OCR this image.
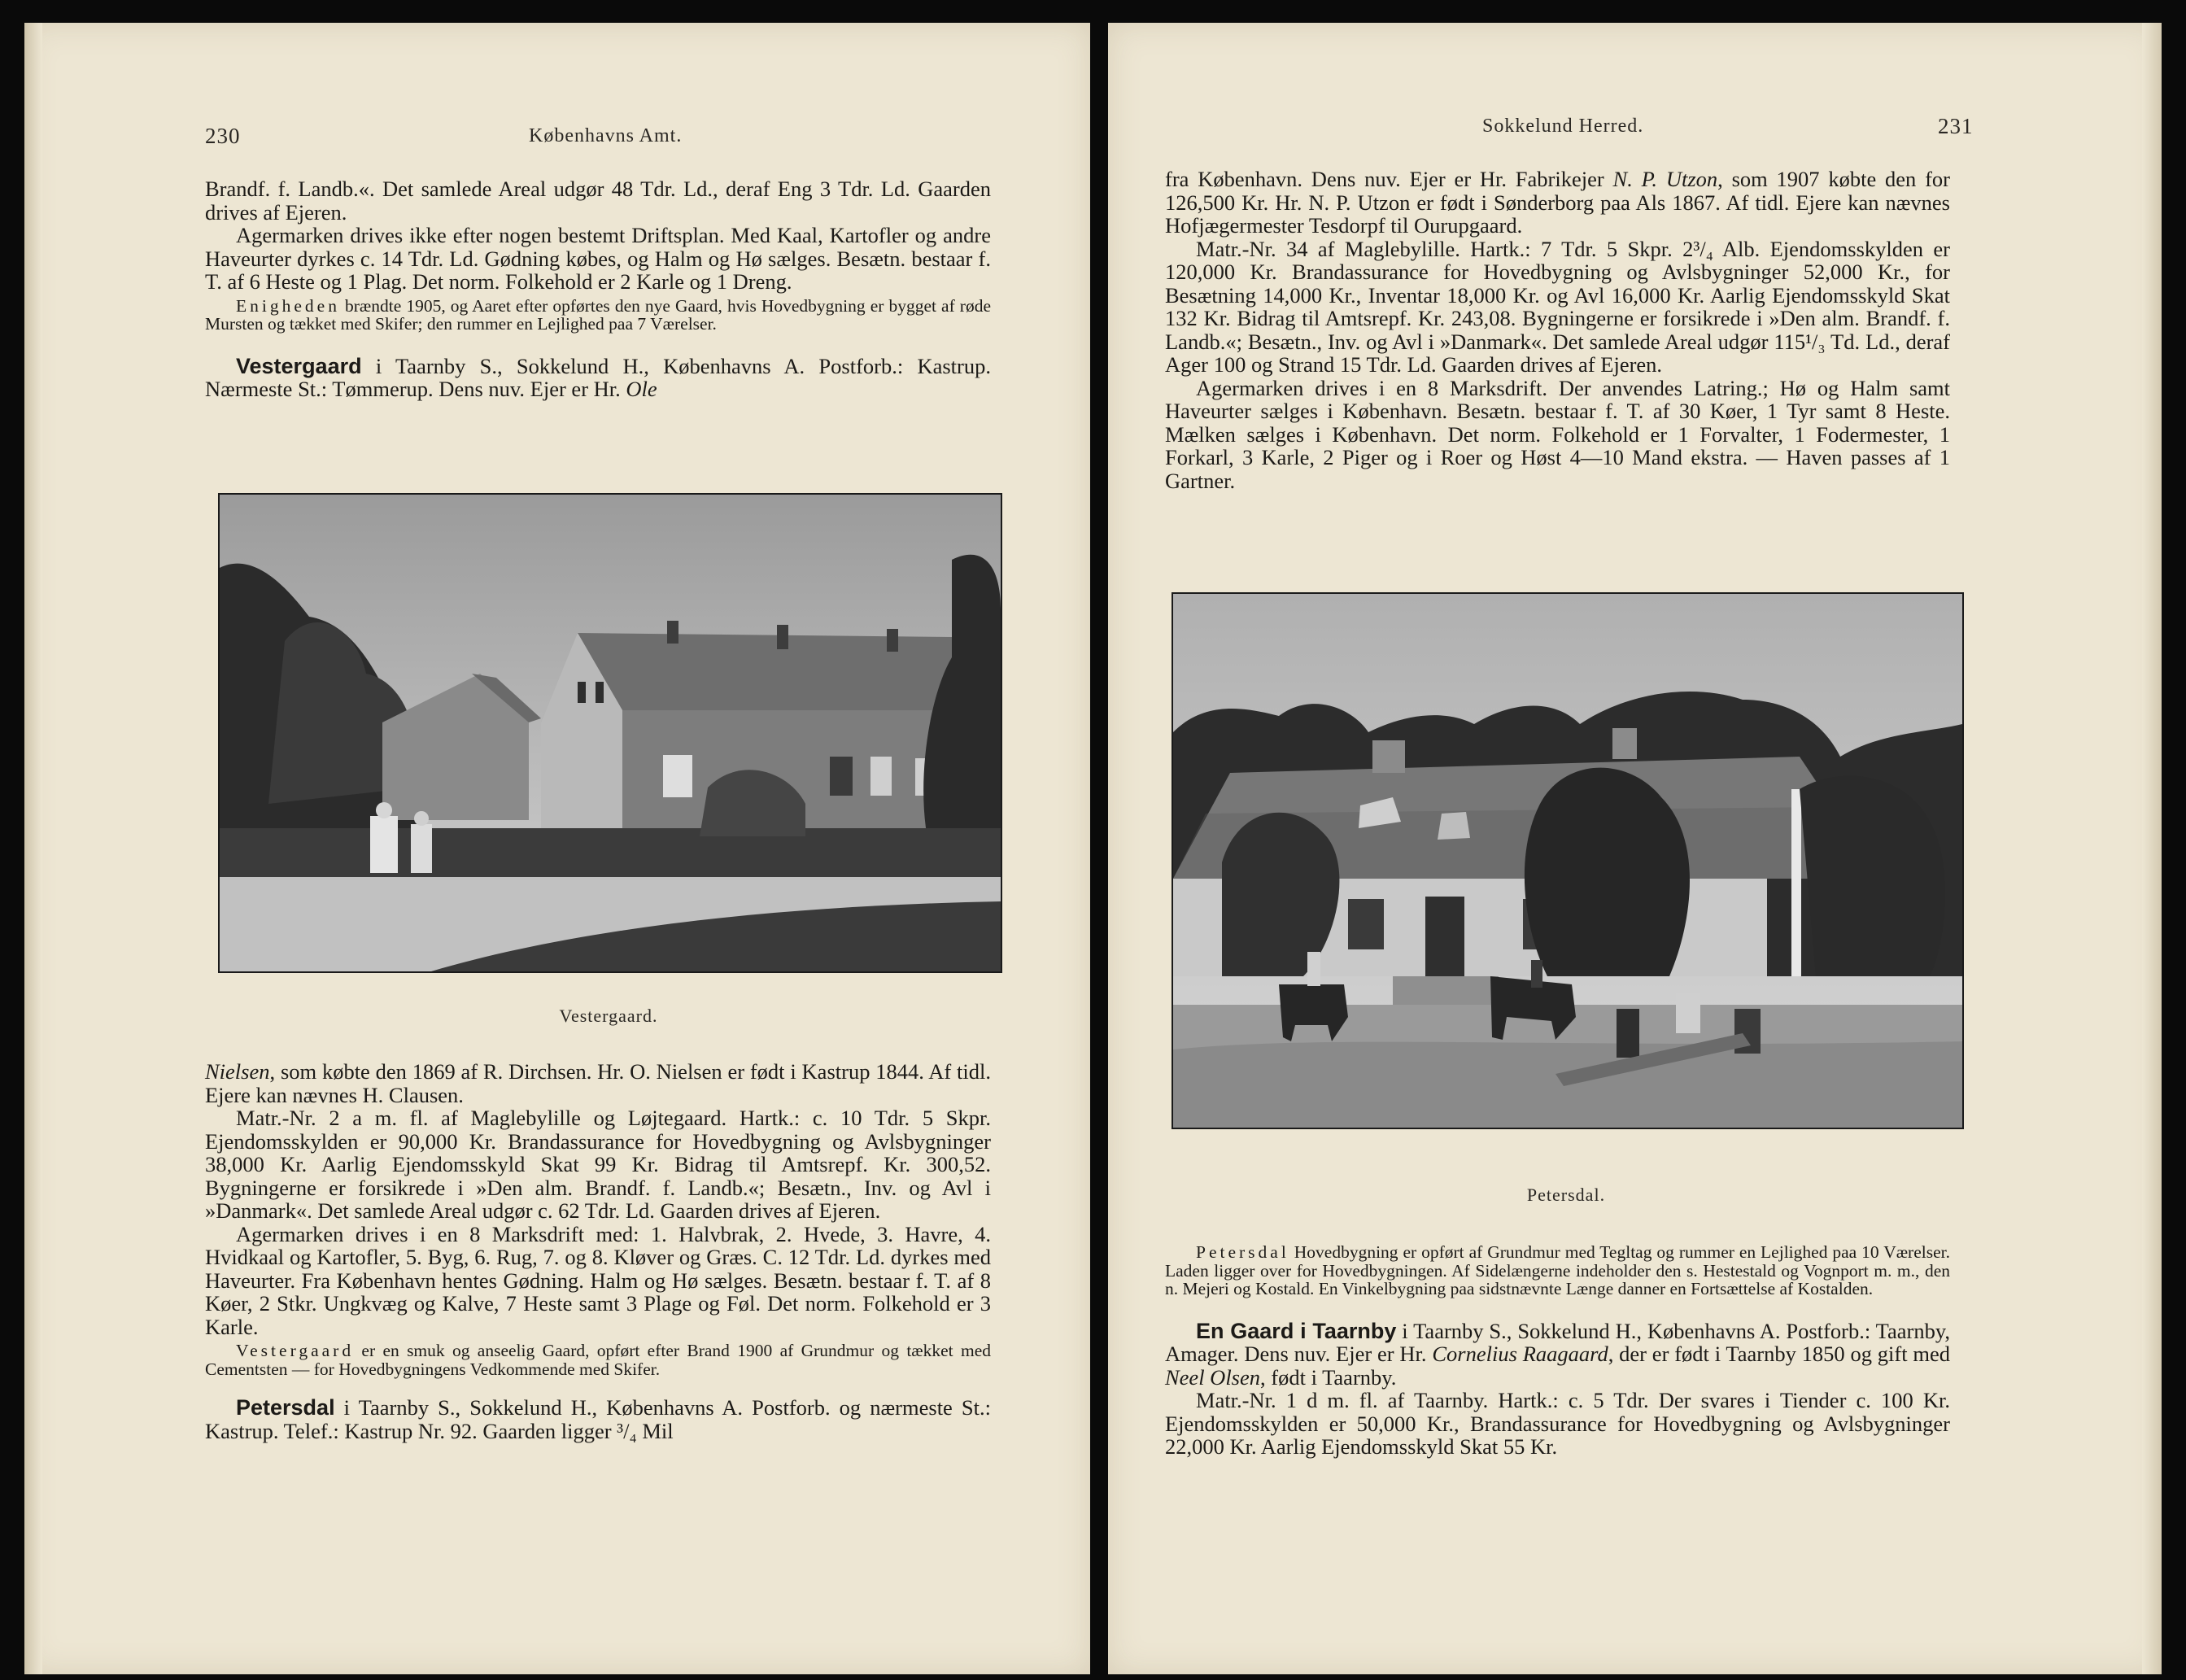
230	Københavns Amt.

Brandf. f. Landb.«. Det samlede Areal udgør 48 Tdr. Ld., deraf Eng 3 Tdr. Ld. Gaarden drives af Ejeren.

Agermarken drives ikke efter nogen bestemt Driftsplan. Med Kaal, Kartofler og andre Haveurter dyrkes c. 14 Tdr. Ld. Gødning købes, og Halm og Hø sælges. Besætn. bestaar f. T. af 6 Heste og 1 Plag. Det norm. Folkehold er 2 Karle og 1 Dreng.

Enigheden brændte 1905, og Aaret efter opførtes den nye Gaard, hvis Hovedbygning er bygget af røde Mursten og tækket med Skifer; den rummer en Lejlighed paa 7 Værelser.

Vestergaard i Taarnby S., Sokkelund H., Københavns A. Postforb.: Kastrup. Nærmeste St.: Tømmerup. Dens nuv. Ejer er Hr. Ole

Vestergaard.

Nielsen, som købte den 1869 af R. Dirchsen. Hr. O. Nielsen er født i Kastrup 1844. Af tidl. Ejere kan nævnes H. Clausen.

Matr.-Nr. 2 a m. fl. af Maglebylille og Løjtegaard. Hartk.: c. 10 Tdr. 5 Skpr. Ejendomsskylden er 90,000 Kr. Brandassurance for Hovedbygning og Avlsbygninger 38,000 Kr. Aarlig Ejendomsskyld Skat 99 Kr. Bidrag til Amtsrepf. Kr. 300,52. Bygningerne er forsikrede i »Den alm. Brandf. f. Landb.«; Besætn., Inv. og Avl i »Danmark«. Det samlede Areal udgør c. 62 Tdr. Ld. Gaarden drives af Ejeren.

Agermarken drives i en 8 Marksdrift med: 1. Halvbrak, 2. Hvede, 3. Havre, 4. Hvidkaal og Kartofler, 5. Byg, 6. Rug, 7. og 8. Kløver og Græs. C. 12 Tdr. Ld. dyrkes med Haveurter. Fra København hentes Gødning. Halm og Hø sælges. Besætn. bestaar f. T. af 8 Køer, 2 Stkr. Ungkvæg og Kalve, 7 Heste samt 3 Plage og Føl. Det norm. Folkehold er 3 Karle.

Vestergaard er en smuk og anseelig Gaard, opført efter Brand 1900 af Grundmur og tækket med Cementsten — for Hovedbygningens Vedkommende med Skifer.

Petersdal i Taarnby S., Sokkelund H., Københavns A. Postforb. og nærmeste St.: Kastrup. Telef.: Kastrup Nr. 92. Gaarden ligger ³/₄ Mil

Sokkelund Herred.	231

fra København. Dens nuv. Ejer er Hr. Fabrikejer N. P. Utzon, som 1907 købte den for 126,500 Kr. Hr. N. P. Utzon er født i Sønderborg paa Als 1867. Af tidl. Ejere kan nævnes Hofjægermester Tesdorpf til Ourupgaard.

Matr.-Nr. 34 af Maglebylille. Hartk.: 7 Tdr. 5 Skpr. 2³/₄ Alb. Ejendomsskylden er 120,000 Kr. Brandassurance for Hovedbygning og Avlsbygninger 52,000 Kr., for Besætning 14,000 Kr., Inventar 18,000 Kr. og Avl 16,000 Kr. Aarlig Ejendomsskyld Skat 132 Kr. Bidrag til Amtsrepf. Kr. 243,08. Bygningerne er forsikrede i »Den alm. Brandf. f. Landb.«; Besætn., Inv. og Avl i »Danmark«. Det samlede Areal udgør 115¹/₃ Td. Ld., deraf Ager 100 og Strand 15 Tdr. Ld. Gaarden drives af Ejeren.

Agermarken drives i en 8 Marksdrift. Der anvendes Latring.; Hø og Halm samt Haveurter sælges i København. Besætn. bestaar f. T. af 30 Køer, 1 Tyr samt 8 Heste. Mælken sælges i København. Det norm. Folkehold er 1 Forvalter, 1 Fodermester, 1 Forkarl, 3 Karle, 2 Piger og i Roer og Høst 4—10 Mand ekstra. — Haven passes af 1 Gartner.

Petersdal.

Petersdal Hovedbygning er opført af Grundmur med Tegltag og rummer en Lejlighed paa 10 Værelser. Laden ligger over for Hovedbygningen. Af Sidelængerne indeholder den s. Hestestald og Vognport m. m., den n. Mejeri og Kostald. En Vinkelbygning paa sidstnævnte Længe danner en Fortsættelse af Kostalden.

En Gaard i Taarnby i Taarnby S., Sokkelund H., Københavns A. Postforb.: Taarnby, Amager. Dens nuv. Ejer er Hr. Cornelius Raagaard, der er født i Taarnby 1850 og gift med Neel Olsen, født i Taarnby.

Matr.-Nr. 1 d m. fl. af Taarnby. Hartk.: c. 5 Tdr. Der svares i Tiender c. 100 Kr. Ejendomsskylden er 50,000 Kr., Brandassurance for Hovedbygning og Avlsbygninger 22,000 Kr. Aarlig Ejendomsskyld Skat 55 Kr.
